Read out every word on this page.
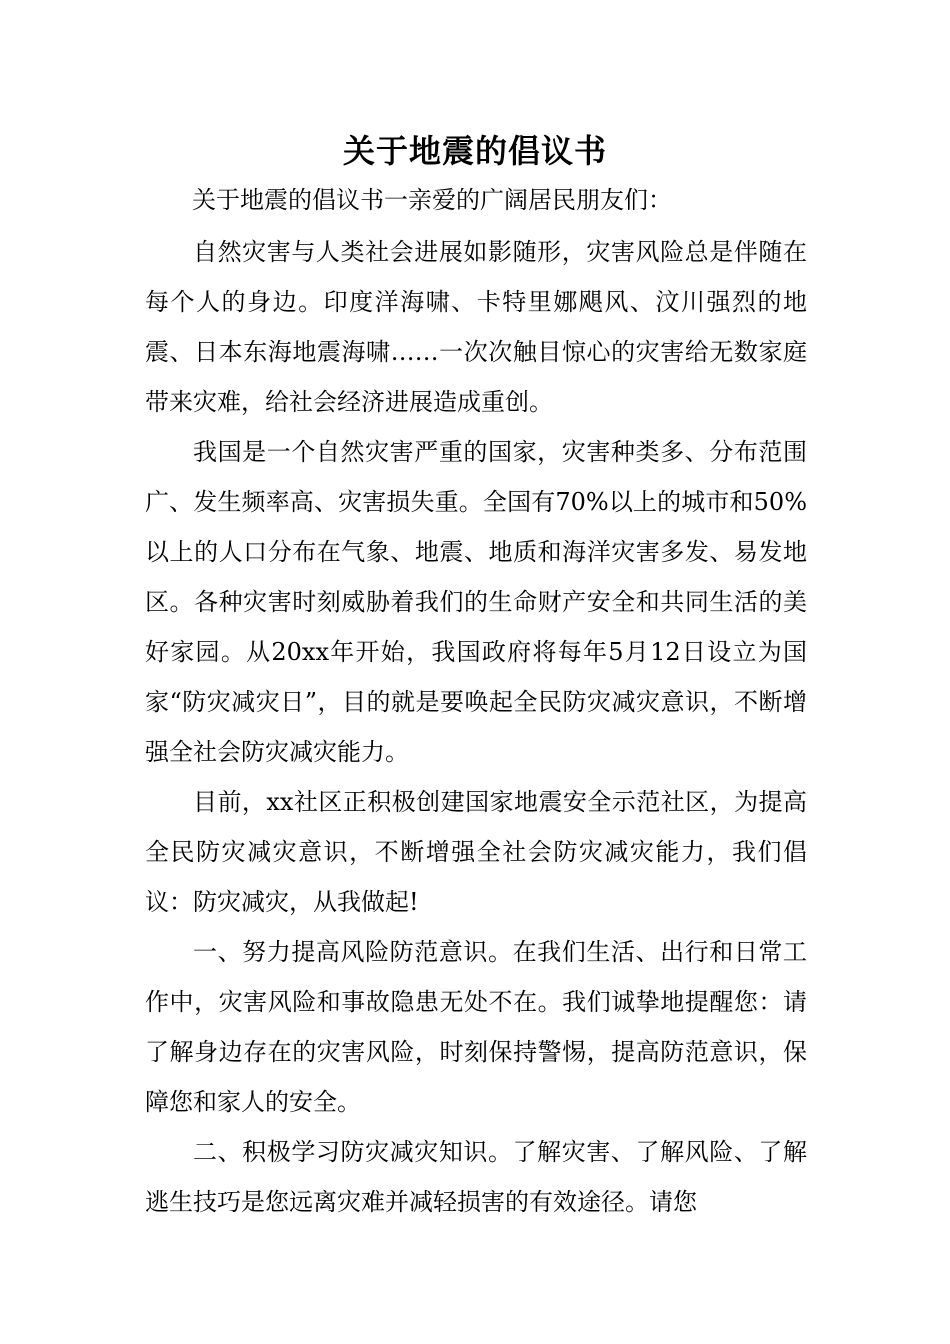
关于地震的倡议书
关于地震的倡议书一亲爱的广阔居民朋友们：

自然灾害与人类社会进展如影随形，灾害风险总是伴随在每个人的身边。印度洋海啸、卡特里娜飓风、汶川强烈的地震、日本东海地震海啸……一次次触目惊心的灾害给无数家庭带来灾难，给社会经济进展造成重创。

我国是一个自然灾害严重的国家，灾害种类多、分布范围广、发生频率高、灾害损失重。全国有70%以上的城市和50%以上的人口分布在气象、地震、地质和海洋灾害多发、易发地区。各种灾害时刻威胁着我们的生命财产安全和共同生活的美好家园。从20xx年开始，我国政府将每年5月12日设立为国家“防灾减灾日”，目的就是要唤起全民防灾减灾意识，不断增强全社会防灾减灾能力。

目前，xx社区正积极创建国家地震安全示范社区，为提高全民防灾减灾意识，不断增强全社会防灾减灾能力，我们倡议：防灾减灾，从我做起!

一、努力提高风险防范意识。在我们生活、出行和日常工作中，灾害风险和事故隐患无处不在。我们诚挚地提醒您：请了解身边存在的灾害风险，时刻保持警惕，提高防范意识，保障您和家人的安全。

二、积极学习防灾减灾知识。了解灾害、了解风险、了解逃生技巧是您远离灾难并减轻损害的有效途径。请您
